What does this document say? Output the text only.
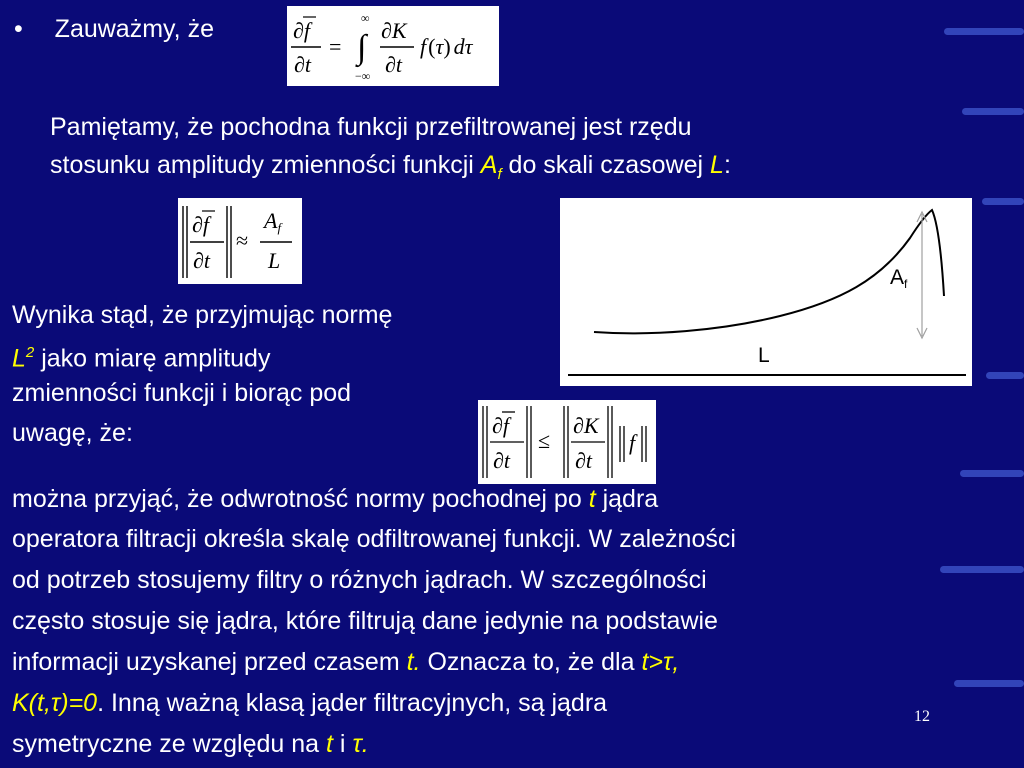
• Zauważmy, że	∂f
∂t
= ∫
∞
−∞
∂K
∂t
f(τ) dτ
Pamiętamy, że pochodna funkcji przefiltrowanej jest rzędu
stosunku amplitudy zmienności funkcji $A_f$ do skali czasowej L:
∂f
∂t
≈
Af
L
Af
L
Wynika stąd, że przyjmując normę
$L^2$ jako miarę amplitudy
zmienności funkcji i biorąc pod
uwagę, że:	∂f
∂t
≤
∂K
∂t
f
można przyjąć, że odwrotność normy pochodnej po t jądra
operatora filtracji określa skalę odfiltrowanej funkcji. W zależności
od potrzeb stosujemy filtry o różnych jądrach. W szczególności
często stosuje się jądra, które filtrują dane jedynie na podstawie
informacji uzyskanej przed czasem t. Oznacza to, że dla t>τ,
K(t,τ)=0. Inną ważną klasą jąder filtracyjnych, są jądra
symetryczne ze względu na t i τ.
12
